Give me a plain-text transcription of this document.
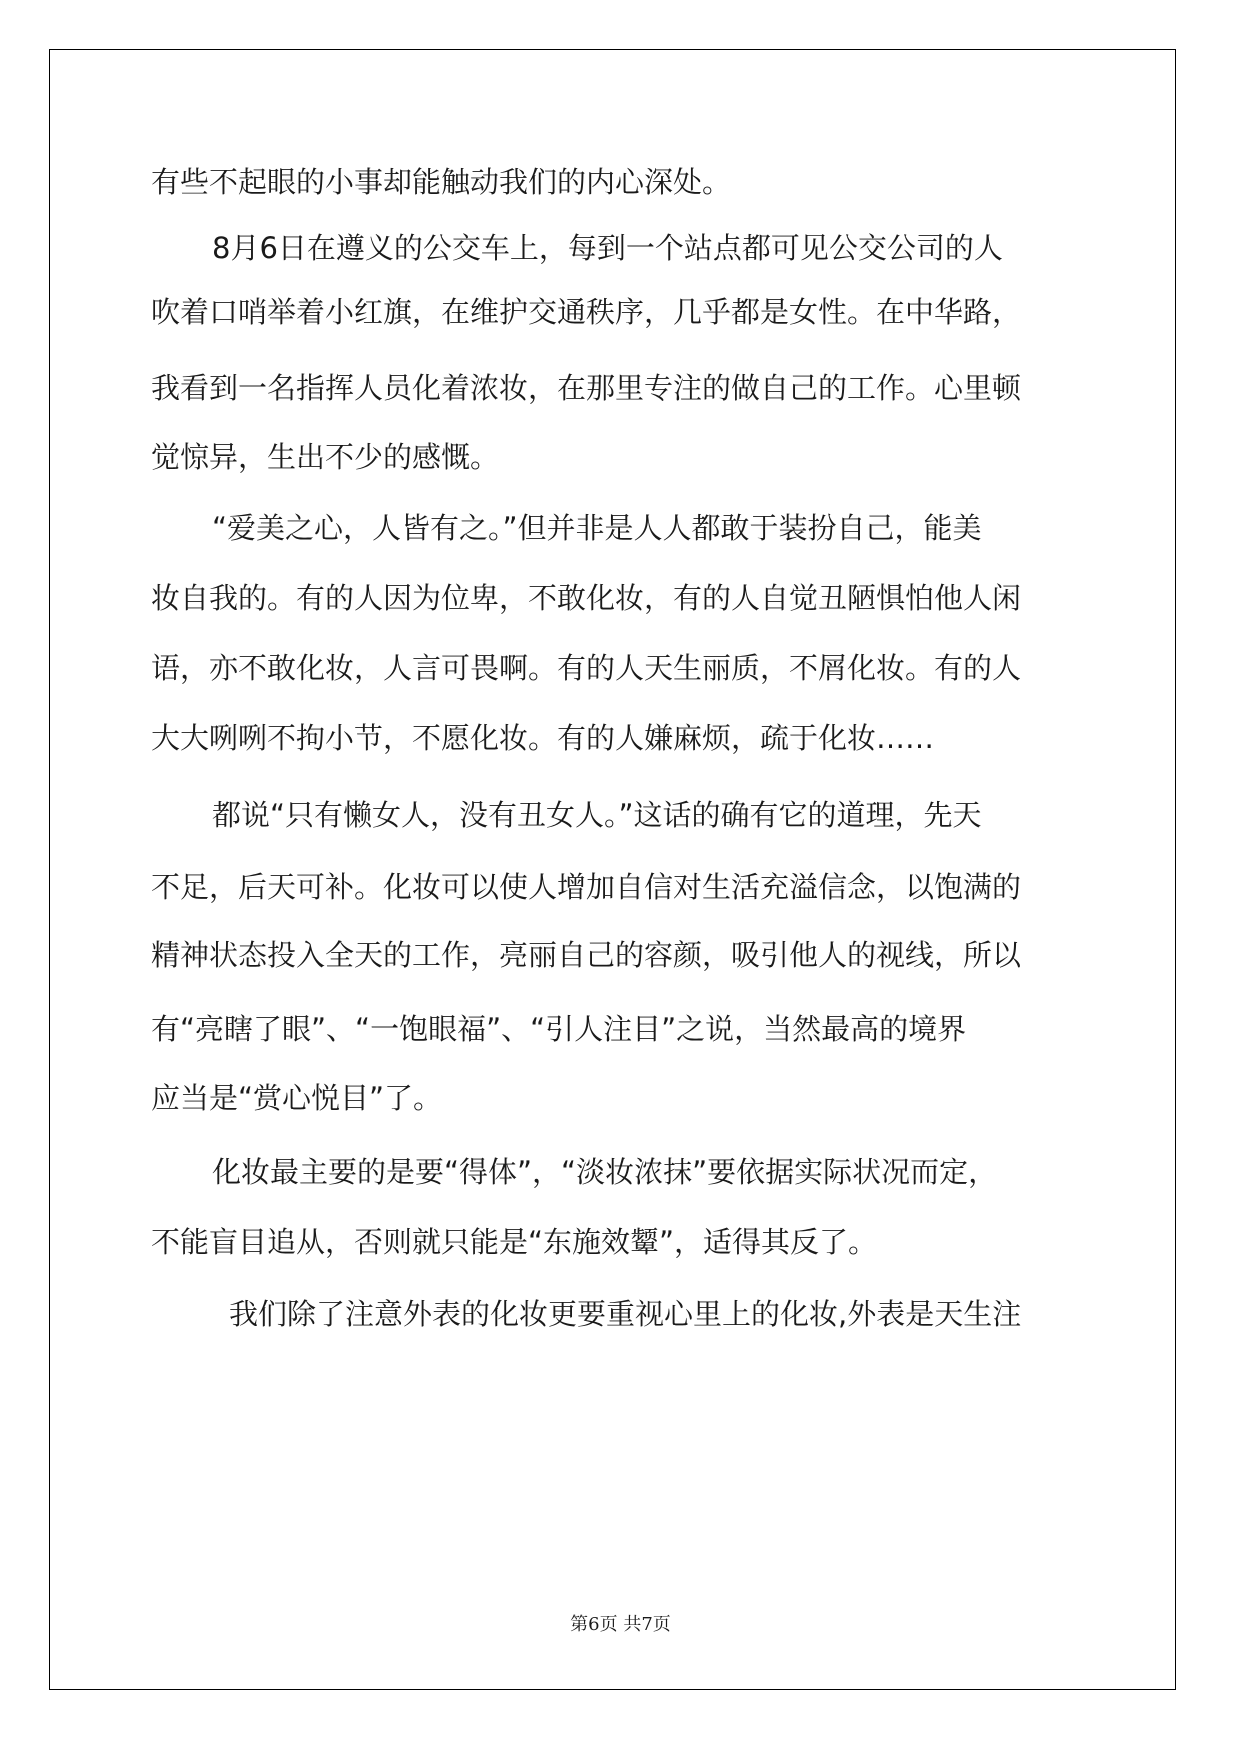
有些不起眼的小事却能触动我们的内心深处。
8月6日在遵义的公交车上，每到一个站点都可见公交公司的人
吹着口哨举着小红旗，在维护交通秩序，几乎都是女性。在中华路，
我看到一名指挥人员化着浓妆，在那里专注的做自己的工作。心里顿
觉惊异，生出不少的感慨。
“爱美之心，人皆有之。”但并非是人人都敢于装扮自己，能美
妆自我的。有的人因为位卑，不敢化妆，有的人自觉丑陋惧怕他人闲
语，亦不敢化妆，人言可畏啊。有的人天生丽质，不屑化妆。有的人
大大咧咧不拘小节，不愿化妆。有的人嫌麻烦，疏于化妆……
都说“只有懒女人，没有丑女人。”这话的确有它的道理，先天
不足，后天可补。化妆可以使人增加自信对生活充溢信念，以饱满的
精神状态投入全天的工作，亮丽自己的容颜，吸引他人的视线，所以
有“亮瞎了眼”、“一饱眼福”、“引人注目”之说，当然最高的境界
应当是“赏心悦目”了。
化妆最主要的是要“得体”，“淡妆浓抹”要依据实际状况而定，
不能盲目追从，否则就只能是“东施效颦”，适得其反了。
我们除了注意外表的化妆更要重视心里上的化妆,外表是天生注
第6页 共7页
